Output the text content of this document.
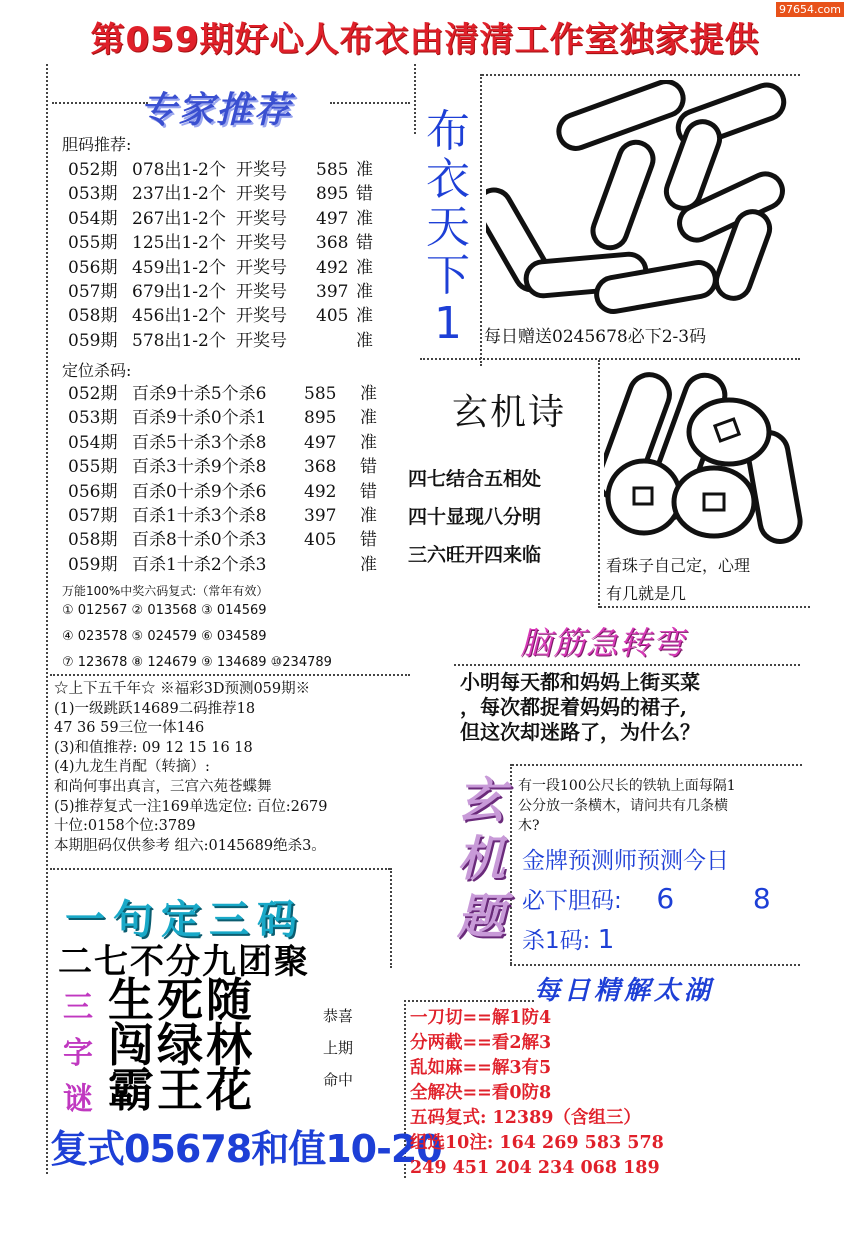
97654.com
第059期好心人布衣由清清工作室独家提供
专家推荐
胆码推荐:
052期 078出1-2个 开奖号 585 准
053期 237出1-2个 开奖号 895 错
054期 267出1-2个 开奖号 497 准
055期 125出1-2个 开奖号 368 错
056期 459出1-2个 开奖号 492 准
057期 679出1-2个 开奖号 397 准
058期 456出1-2个 开奖号 405 准
059期 578出1-2个 开奖号	准
定位杀码:
052期 百杀9十杀5个杀6 585 准
053期 百杀9十杀0个杀1 895 准
054期 百杀5十杀3个杀8 497 准
055期 百杀3十杀9个杀8 368 错
056期 百杀0十杀9个杀6 492 错
057期 百杀1十杀3个杀8 397 准
058期 百杀8十杀0个杀3 405 错
059期 百杀1十杀2个杀3	准
万能100%中奖六码复式:（常年有效）
① 012567 ② 013568 ③ 014569
④ 023578 ⑤ 024579 ⑥ 034589
⑦ 123678 ⑧ 124679 ⑨ 134689 ⑩234789
☆上下五千年☆ ※福彩3D预测059期※
(1)一级跳跃14689二码推荐18
47 36 59三位一体146
(3)和值推荐: 09 12 15 16 18
(4)九龙生肖配（转摘）:
和尚何事出真言，三宫六苑苍蝶舞
(5)推荐复式一注169单选定位: 百位:2679
十位:0158个位:3789
本期胆码仅供参考 组六:0145689绝杀3。
布
衣
天
下
1
25
每日赠送0245678必下2-3码
玄机诗
四七结合五相处
四十显现八分明
三六旺开四来临	看珠子自己定，心理
有几就是几
脑筋急转弯
小明每天都和妈妈上街买菜
，每次都捉着妈妈的裙子,
但这次却迷路了，为什么？
玄
机
题
有一段100公尺长的铁轨上面每隔1
公分放一条横木，请问共有几条横
木?
金牌预测师预测今日
必下胆码: 6	8
杀1码: 1
一句定三码
二七不分九团聚
三
字
谜
生死随
闯绿林
霸王花
恭喜
上期
命中
复式05678和值10-20
每日精解太湖
一刀切==解1防4
分两截==看2解3
乱如麻==解3有5
全解决==看0防8
五码复式: 12389（含组三）
组选10注: 164 269 583 578
249 451 204 234 068 189
